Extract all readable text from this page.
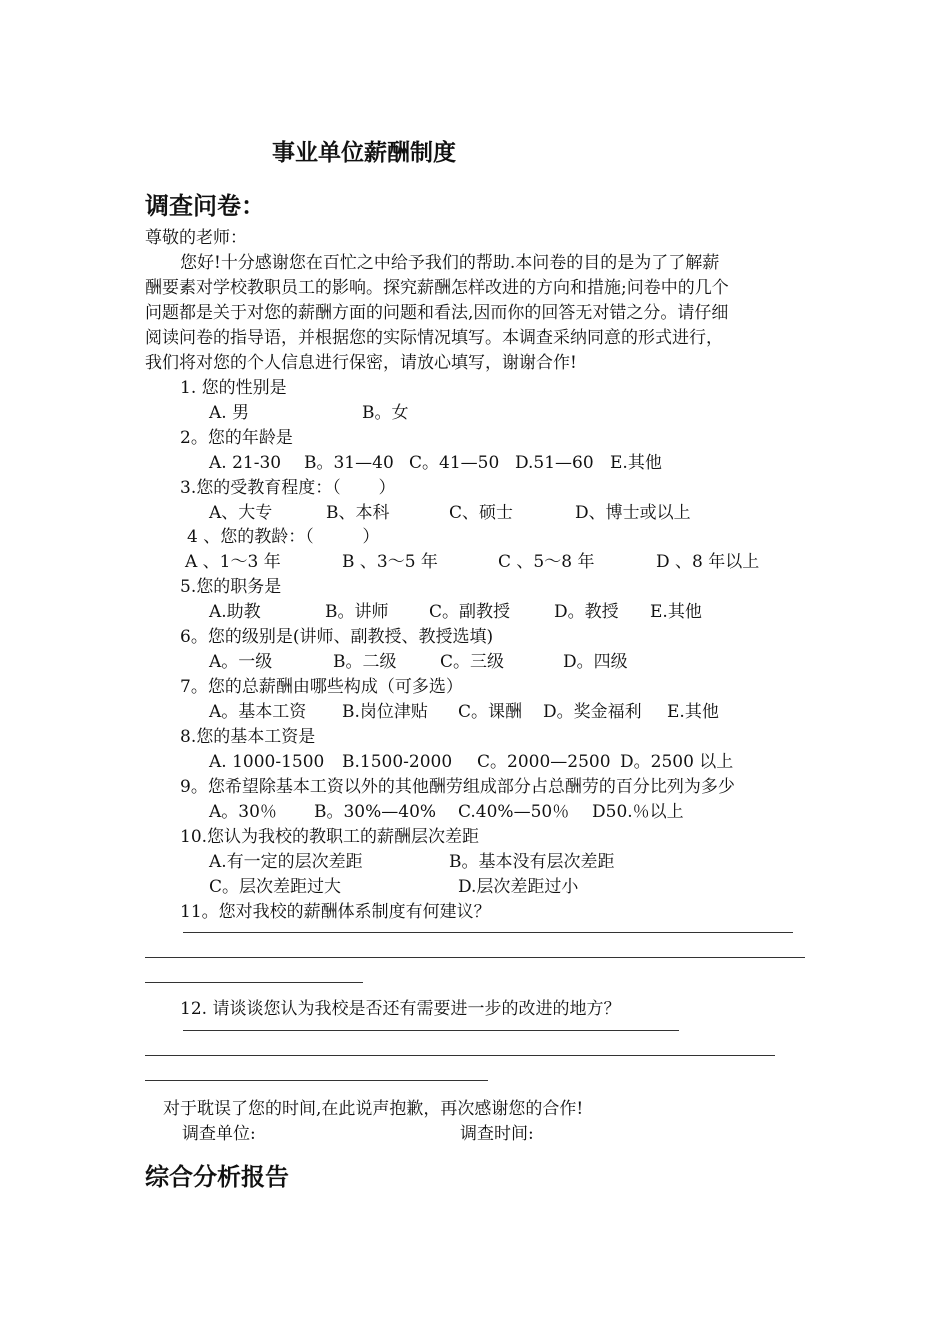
事业单位薪酬制度
调查问卷：
尊敬的老师：
您好!十分感谢您在百忙之中给予我们的帮助.本问卷的目的是为了了解薪
酬要素对学校教职员工的影响。探究薪酬怎样改进的方向和措施;问卷中的几个
问题都是关于对您的薪酬方面的问题和看法,因而你的回答无对错之分。请仔细
阅读问卷的指导语，并根据您的实际情况填写。本调查采纳同意的形式进行，
我们将对您的个人信息进行保密，请放心填写，谢谢合作!
1. 您的性别是
A. 男	B。女
2。您的年龄是
A. 21-30 B。31—40 C。41—50 D.51—60 E.其他
3.您的受教育程度：（       ）
A、大专	B、本科	C、硕士	D、博士或以上
4 、您的教龄：（         ）
A 、1～3 年	B 、3～5 年	C 、5～8 年	D 、8 年以上
5.您的职务是
A.助教	B。讲师 C。副教授	D。教授 E.其他
6。您的级别是(讲师、副教授、教授选填)
A。一级	B。二级	C。三级	D。四级
7。您的总薪酬由哪些构成（可多选）
A。基本工资 B.岗位津贴 C。课酬 D。奖金福利 E.其他
8.您的基本工资是
A. 1000-1500 B.1500-2000 C。2000—2500 D。2500 以上
9。您希望除基本工资以外的其他酬劳组成部分占总酬劳的百分比列为多少
A。30％ B。30%—40% C.40%—50％ D50.％以上
10.您认为我校的教职工的薪酬层次差距
A.有一定的层次差距	B。基本没有层次差距
C。层次差距过大	D.层次差距过小
11。您对我校的薪酬体系制度有何建议？
12. 请谈谈您认为我校是否还有需要进一步的改进的地方？
对于耽误了您的时间,在此说声抱歉，再次感谢您的合作!
调查单位:	调查时间:
综合分析报告
